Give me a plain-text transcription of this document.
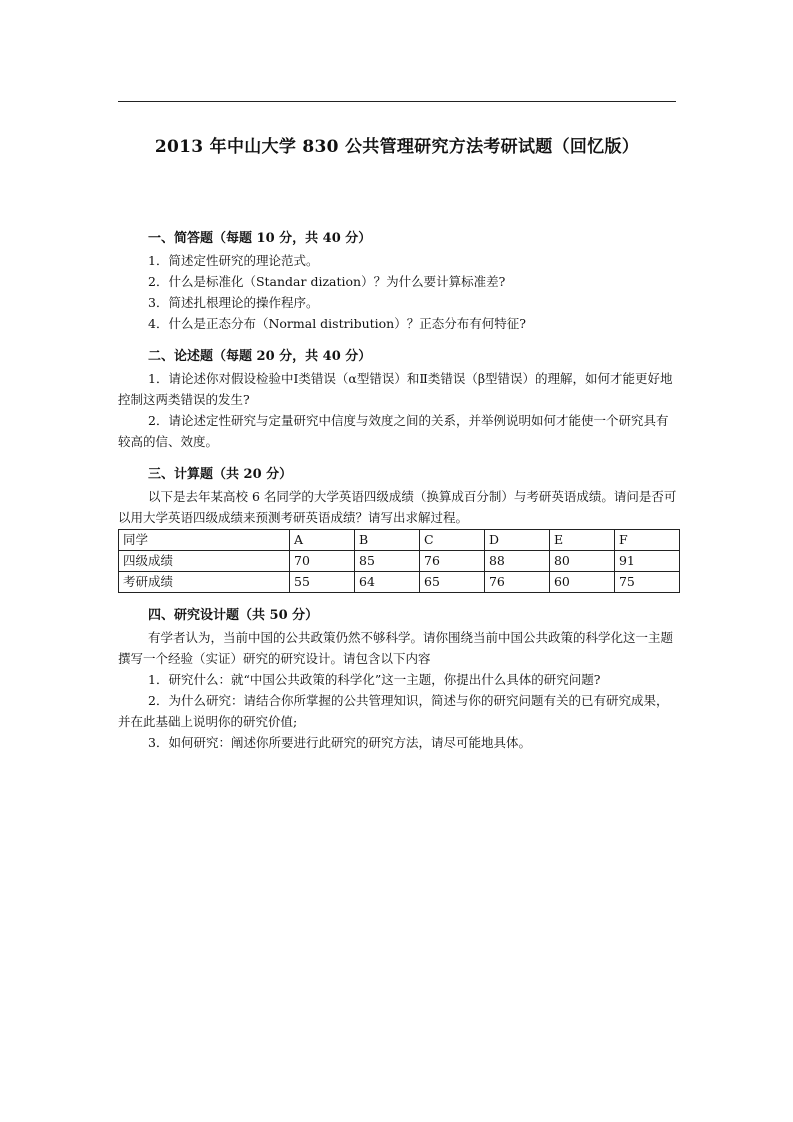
2013 年中山大学 830 公共管理研究方法考研试题（回忆版）
一、简答题（每题 10 分，共 40 分）
1．简述定性研究的理论范式。
2．什么是标准化（Standar dization）？为什么要计算标准差?
3．简述扎根理论的操作程序。
4．什么是正态分布（Normal distribution）？正态分布有何特征?
二、论述题（每题 20 分，共 40 分）
1．请论述你对假设检验中Ⅰ类错误（α型错误）和Ⅱ类错误（β型错误）的理解，如何才能更好地控制这两类错误的发生?
2．请论述定性研究与定量研究中信度与效度之间的关系，并举例说明如何才能使一个研究具有较高的信、效度。
三、计算题（共 20 分）
以下是去年某高校 6 名同学的大学英语四级成绩（换算成百分制）与考研英语成绩。请问是否可以用大学英语四级成绩来预测考研英语成绩？请写出求解过程。
同学	A	B	C	D	E	F
四级成绩	70	85	76	88	80	91
考研成绩	55	64	65	76	60	75
四、研究设计题（共 50 分）
有学者认为，当前中国的公共政策仍然不够科学。请你围绕当前中国公共政策的科学化这一主题撰写一个经验（实证）研究的研究设计。请包含以下内容
1．研究什么：就“中国公共政策的科学化”这一主题，你提出什么具体的研究问题?
2．为什么研究：请结合你所掌握的公共管理知识，简述与你的研究问题有关的已有研究成果，并在此基础上说明你的研究价值;
3．如何研究：阐述你所要进行此研究的研究方法，请尽可能地具体。
